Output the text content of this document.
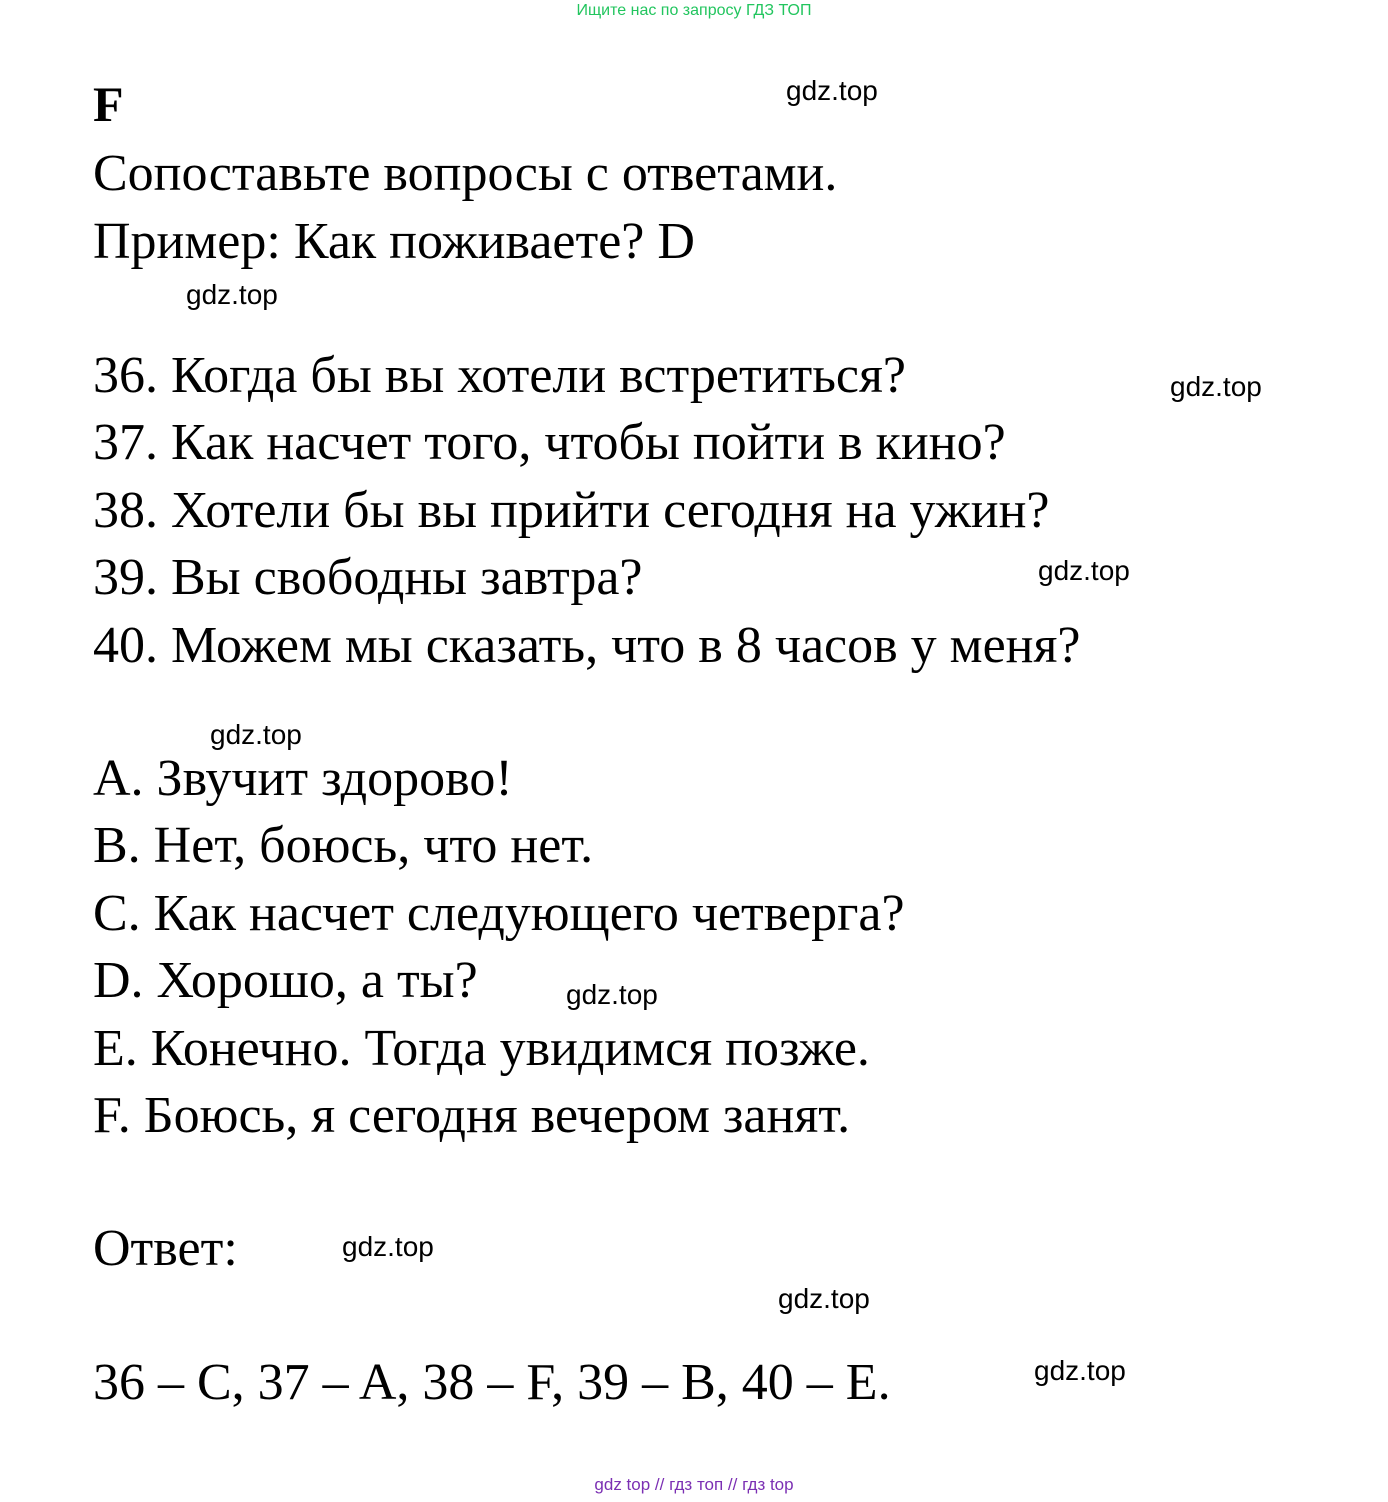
Ищите нас по запросу ГДЗ ТОП
F
Сопоставьте вопросы с ответами.
Пример: Как поживаете? D
36. Когда бы вы хотели встретиться?
37. Как насчет того, чтобы пойти в кино?
38. Хотели бы вы прийти сегодня на ужин?
39. Вы свободны завтра?
40. Можем мы сказать, что в 8 часов у меня?
A. Звучит здорово!
B. Нет, боюсь, что нет.
C. Как насчет следующего четверга?
D. Хорошо, а ты?
E. Конечно. Тогда увидимся позже.
F. Боюсь, я сегодня вечером занят.
Ответ:
36 – C, 37 – A, 38 – F, 39 – B, 40 – E.
gdz.top
gdz.top
gdz.top
gdz.top
gdz.top
gdz.top
gdz.top
gdz.top
gdz.top
gdz top // гдз топ // гдз top
